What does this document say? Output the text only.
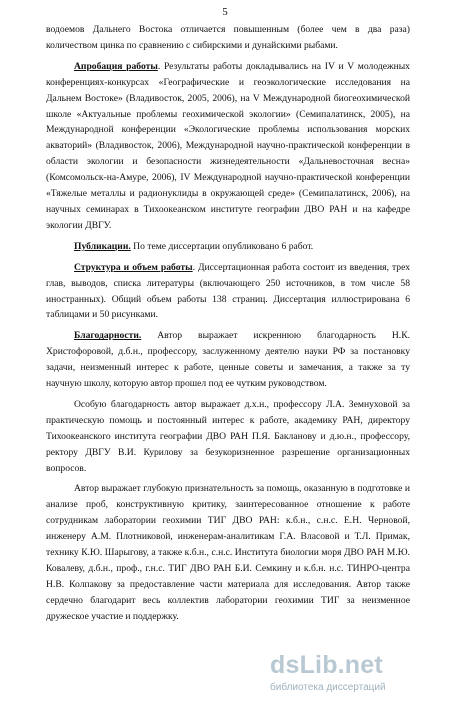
5

водоемов Дальнего Востока отличается повышенным (более чем в два раза) количеством цинка по сравнению с сибирскими и дунайскими рыбами.

Апробация работы. Результаты работы докладывались на IV и V молодежных конференциях-конкурсах «Географические и геоэкологические исследования на Дальнем Востоке» (Владивосток, 2005, 2006), на V Международной биогеохимической школе «Актуальные проблемы геохимической экологии» (Семипалатинск, 2005), на Международной конференции «Экологические проблемы использования морских акваторий» (Владивосток, 2006), Международной научно-практической конференции в области экологии и безопасности жизнедеятельности «Дальневосточная весна» (Комсомольск-на-Амуре, 2006), IV Международной научно-практической конференции «Тяжелые металлы и радионуклиды в окружающей среде» (Семипалатинск, 2006), на научных семинарах в Тихоокеанском институте географии ДВО РАН и на кафедре экологии ДВГУ.

Публикации. По теме диссертации опубликовано 6 работ.

Структура и объем работы. Диссертационная работа состоит из введения, трех глав, выводов, списка литературы (включающего 250 источников, в том числе 58 иностранных). Общий объем работы 138 страниц. Диссертация иллюстрирована 6 таблицами и 50 рисунками.

Благодарности. Автор выражает искреннюю благодарность Н.К. Христофоровой, д.б.н., профессору, заслуженному деятелю науки РФ за постановку задачи, неизменный интерес к работе, ценные советы и замечания, а также за ту научную школу, которую автор прошел под ее чутким руководством.

Особую благодарность автор выражает д.х.н., профессору Л.А. Земнуховой за практическую помощь и постоянный интерес к работе, академику РАН, директору Тихоокеанского института географии ДВО РАН П.Я. Бакланову и д.ю.н., профессору, ректору ДВГУ В.И. Курилову за безукоризненное разрешение организационных вопросов.

Автор выражает глубокую признательность за помощь, оказанную в подготовке и анализе проб, конструктивную критику, заинтересованное отношение к работе сотрудникам лаборатории геохимии ТИГ ДВО РАН: к.б.н., с.н.с. Е.Н. Черновой, инженеру А.М. Плотниковой, инженерам-аналитикам Г.А. Власовой и Т.Л. Примак, технику К.Ю. Шарыгову, а также к.б.н., с.н.с. Института биологии моря ДВО РАН М.Ю. Ковалеву, д.б.н., проф., г.н.с. ТИГ ДВО РАН Б.И. Семкину и к.б.н. н.с. ТИНРО-центра Н.В. Колпакову за предоставление части материала для исследования. Автор также сердечно благодарит весь коллектив лаборатории геохимии ТИГ за неизменное дружеское участие и поддержку.

dsLib.net
библиотека диссертаций
